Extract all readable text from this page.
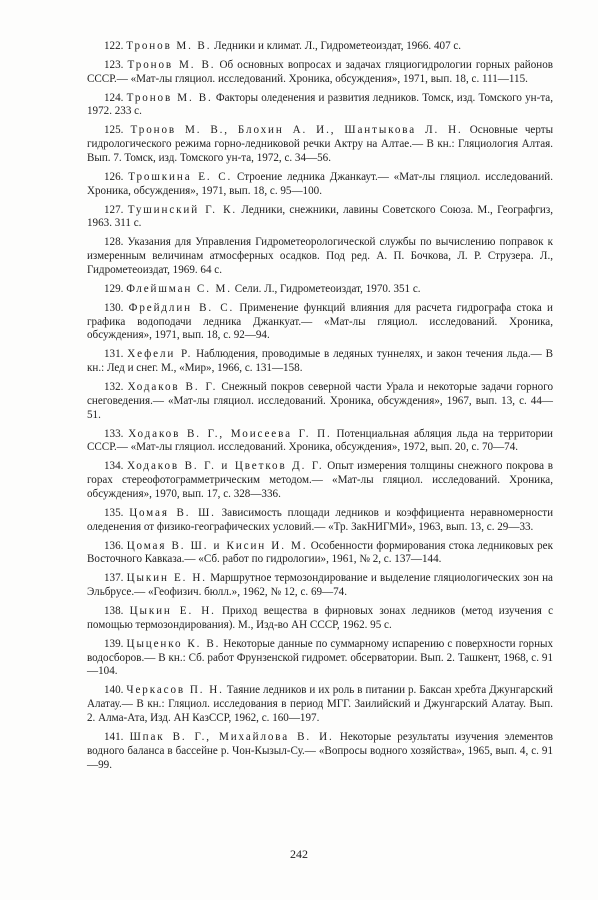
122. Тронов М. В. Ледники и климат. Л., Гидрометеоиздат, 1966. 407 с.

123. Тронов М. В. Об основных вопросах и задачах гляциогидрологии горных районов СССР.— «Мат-лы гляциол. исследований. Хроника, обсуждения», 1971, вып. 18, с. 111—115.

124. Тронов М. В. Факторы оледенения и развития ледников. Томск, изд. Томского ун-та, 1972. 233 с.

125. Тронов М. В., Блохин А. И., Шантыкова Л. Н. Основные черты гидрологического режима горно-ледниковой речки Актру на Алтае.— В кн.: Гляциология Алтая. Вып. 7. Томск, изд. Томского ун-та, 1972, с. 34—56.

126. Трошкина Е. С. Строение ледника Джанкаут.— «Мат-лы гляциол. исследований. Хроника, обсуждения», 1971, вып. 18, с. 95—100.

127. Тушинский Г. К. Ледники, снежники, лавины Советского Союза. М., Географгиз, 1963. 311 с.

128. Указания для Управления Гидрометеорологической службы по вычислению поправок к измеренным величинам атмосферных осадков. Под ред. А. П. Бочкова, Л. Р. Струзера. Л., Гидрометеоиздат, 1969. 64 с.

129. Флейшман С. М. Сели. Л., Гидрометеоиздат, 1970. 351 с.

130. Фрейдлин В. С. Применение функций влияния для расчета гидрографа стока и графика водоподачи ледника Джанкуат.— «Мат-лы гляциол. исследований. Хроника, обсуждения», 1971, вып. 18, с. 92—94.

131. Хефели Р. Наблюдения, проводимые в ледяных туннелях, и закон течения льда.— В кн.: Лед и снег. М., «Мир», 1966, с. 131—158.

132. Ходаков В. Г. Снежный покров северной части Урала и некоторые задачи горного снеговедения.— «Мат-лы гляциол. исследований. Хроника, обсуждения», 1967, вып. 13, с. 44—51.

133. Ходаков В. Г., Моисеева Г. П. Потенциальная абляция льда на территории СССР.— «Мат-лы гляциол. исследований. Хроника, обсуждения», 1972, вып. 20, с. 70—74.

134. Ходаков В. Г. и Цветков Д. Г. Опыт измерения толщины снежного покрова в горах стереофотограмметрическим методом.— «Мат-лы гляциол. исследований. Хроника, обсуждения», 1970, вып. 17, с. 328—336.

135. Цомая В. Ш. Зависимость площади ледников и коэффициента неравномерности оледенения от физико-географических условий.— «Тр. ЗакНИГМИ», 1963, вып. 13, с. 29—33.

136. Цомая В. Ш. и Кисин И. М. Особенности формирования стока ледниковых рек Восточного Кавказа.— «Сб. работ по гидрологии», 1961, № 2, с. 137—144.

137. Цыкин Е. Н. Маршрутное термозондирование и выделение гляциологических зон на Эльбрусе.— «Геофизич. бюлл.», 1962, № 12, с. 69—74.

138. Цыкин Е. Н. Приход вещества в фирновых зонах ледников (метод изучения с помощью термозондирования). М., Изд-во АН СССР, 1962. 95 с.

139. Цыценко К. В. Некоторые данные по суммарному испарению с поверхности горных водосборов.— В кн.: Сб. работ Фрунзенской гидромет. обсерватории. Вып. 2. Ташкент, 1968, с. 91—104.

140. Черкасов П. Н. Таяние ледников и их роль в питании р. Баксан хребта Джунгарский Алатау.— В кн.: Гляциол. исследования в период МГГ. Заилийский и Джунгарский Алатау. Вып. 2. Алма-Ата, Изд. АН КазССР, 1962, с. 160—197.

141. Шпак В. Г., Михайлова В. И. Некоторые результаты изучения элементов водного баланса в бассейне р. Чон-Кызыл-Су.— «Вопросы водного хозяйства», 1965, вып. 4, с. 91—99.

242
